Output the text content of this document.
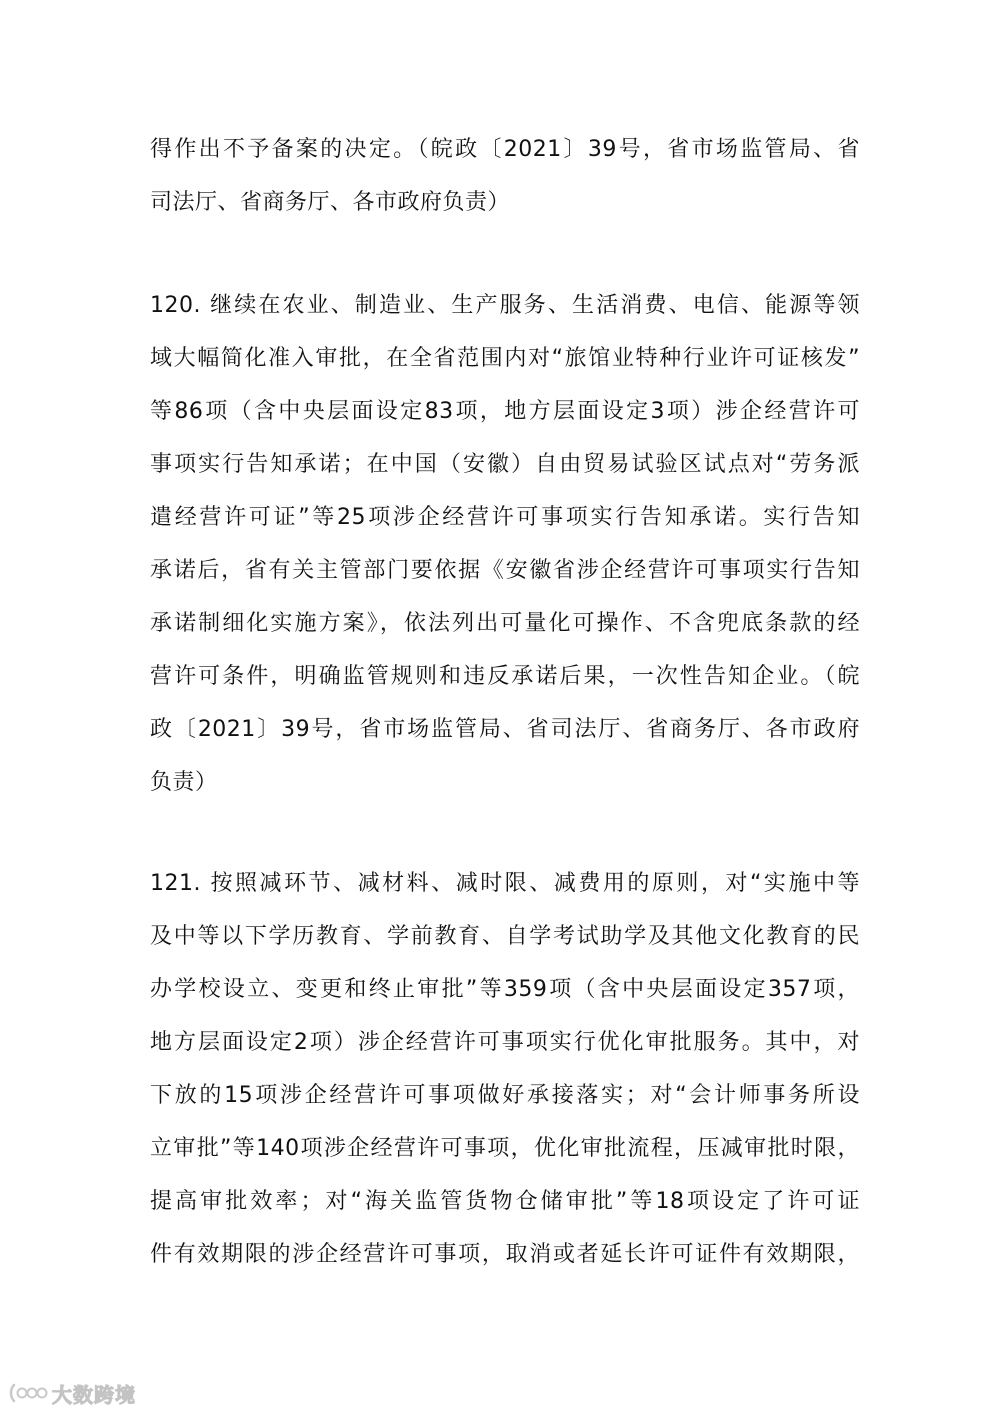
得作出不予备案的决定。（皖政〔2021〕39号，省市场监管局、省
司法厅、省商务厅、各市政府负责）
120. 继续在农业、制造业、生产服务、生活消费、电信、能源等领
域大幅简化准入审批，在全省范围内对“旅馆业特种行业许可证核发”
等86项（含中央层面设定83项，地方层面设定3项）涉企经营许可
事项实行告知承诺；在中国（安徽）自由贸易试验区试点对“劳务派
遣经营许可证”等25项涉企经营许可事项实行告知承诺。实行告知
承诺后，省有关主管部门要依据《安徽省涉企经营许可事项实行告知
承诺制细化实施方案》，依法列出可量化可操作、不含兜底条款的经
营许可条件，明确监管规则和违反承诺后果，一次性告知企业。（皖
政〔2021〕39号，省市场监管局、省司法厅、省商务厅、各市政府
负责）
121. 按照减环节、减材料、减时限、减费用的原则，对“实施中等
及中等以下学历教育、学前教育、自学考试助学及其他文化教育的民
办学校设立、变更和终止审批”等359项（含中央层面设定357项，
地方层面设定2项）涉企经营许可事项实行优化审批服务。其中，对
下放的15项涉企经营许可事项做好承接落实；对“会计师事务所设
立审批”等140项涉企经营许可事项，优化审批流程，压减审批时限，
提高审批效率；对“海关监管货物仓储审批”等18项设定了许可证
件有效期限的涉企经营许可事项，取消或者延长许可证件有效期限，
大数跨境
